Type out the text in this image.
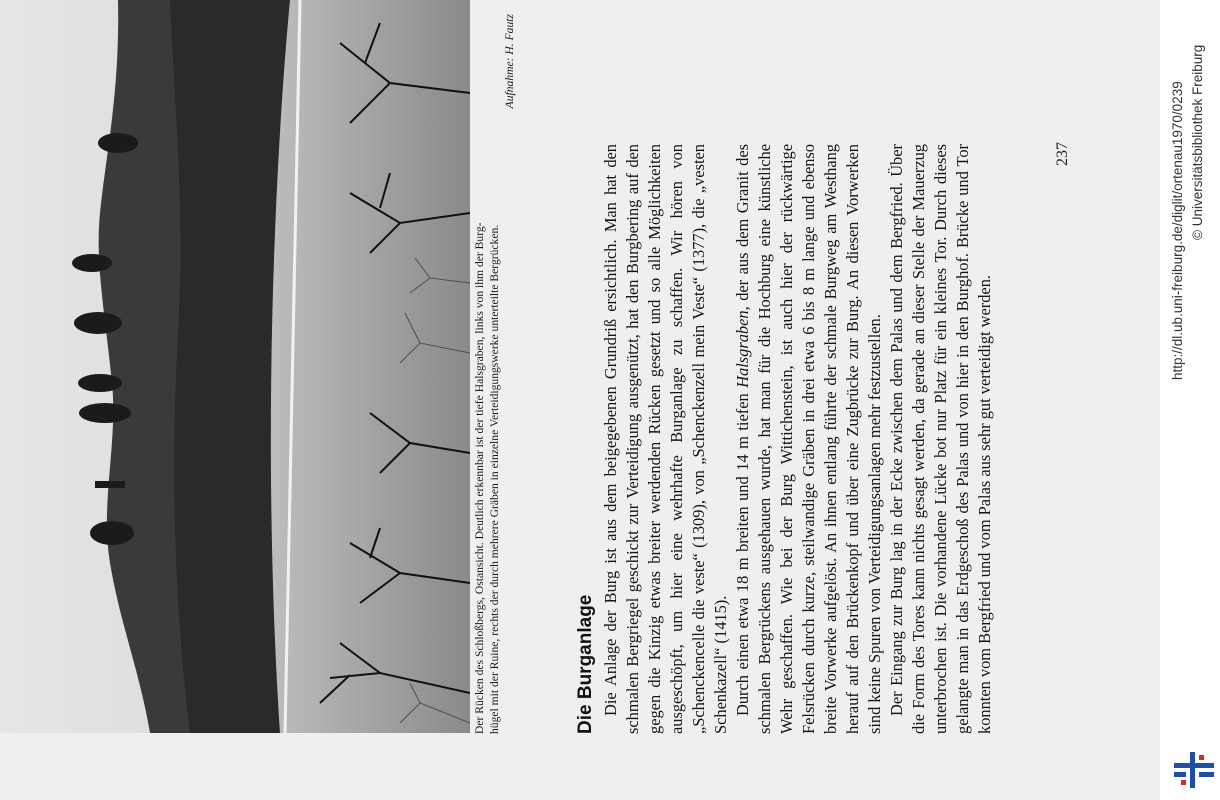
Der Rücken des Schloßbergs, Ostansicht. Deutlich erkennbar ist der tiefe Halsgraben, links von ihm der Burg- hügel mit der Ruine, rechts der durch mehrere Gräben in einzelne Verteidigungswerke unterteilte Bergrücken.
Aufnahme: H. Fautz
Die Burganlage Die Anlage der Burg ist aus dem beigegebenen Grundriß ersichtlich. Man hat den schmalen Bergriegel geschickt zur Verteidigung ausgenützt, hat den Burgbering auf den gegen die Kinzig etwas breiter werdenden Rücken gesetzt und so alle Möglichkeiten ausgeschöpft, um hier eine wehrhafte Burganlage zu schaffen. Wir hören von „Schenckencelle die veste“ (1309), von „Schenckenzell mein Veste“ (1377), die „vesten Schenkazell“ (1415). Durch einen etwa 18 m breiten und 14 m tiefen Halsgraben, der aus dem Granit des schmalen Bergrückens ausgehauen wurde, hat man für die Hochburg eine künstliche Wehr geschaffen. Wie bei der Burg Wittichenstein, ist auch hier der rückwärtige Felsrücken durch kurze, steilwandige Gräben in drei etwa 6 bis 8 m lange und ebenso breite Vorwerke aufgelöst. An ihnen entlang führte der schmale Burgweg am Westhang herauf auf den Brückenkopf und über eine Zugbrücke zur Burg. An diesen Vorwerken sind keine Spuren von Verteidigungsanlagen mehr festzustellen. Der Eingang zur Burg lag in der Ecke zwischen dem Palas und dem Bergfried. Über die Form des Tores kann nichts gesagt werden, da gerade an dieser Stelle der Mauerzug unterbrochen ist. Die vorhandene Lücke bot nur Platz für ein kleines Tor. Durch dieses gelangte man in das Erdgeschoß des Palas und von hier in den Burghof. Brücke und Tor konnten vom Bergfried und vom Palas aus sehr gut verteidigt werden.

237	http://dl.ub.uni-freiburg.de/diglit/ortenau1970/0239 © Universitätsbibliothek Freiburg
